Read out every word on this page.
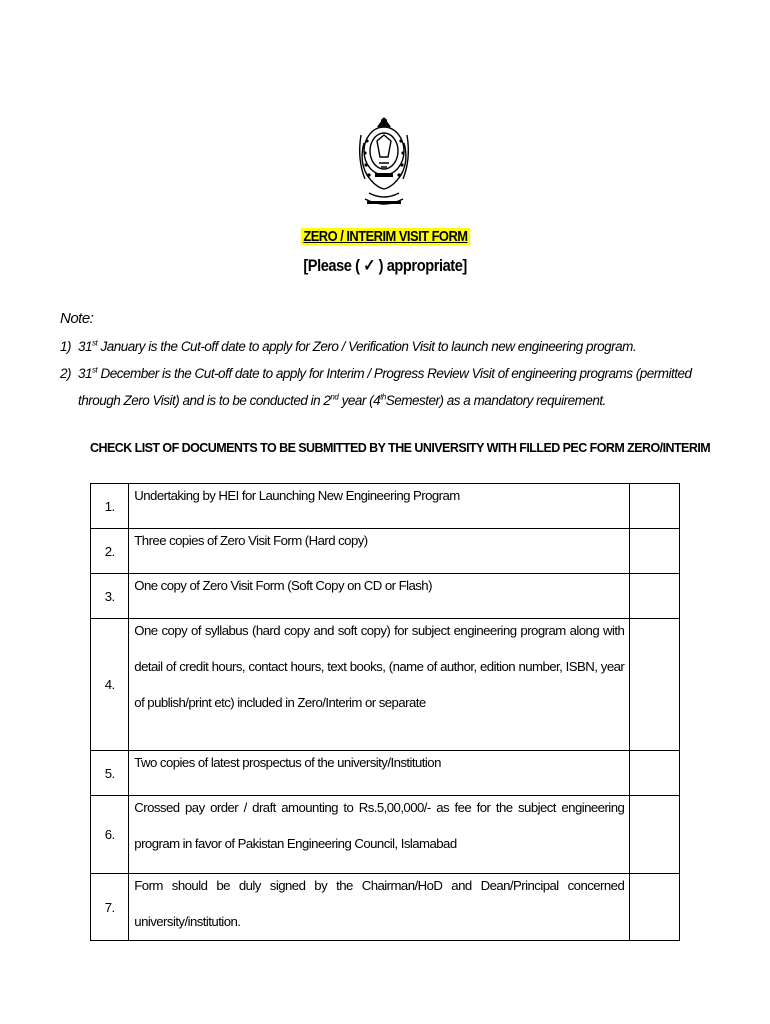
ZERO / INTERIM VISIT FORM
[Please ( ✓ ) appropriate]
Note:
1) 31st January is the Cut-off date to apply for Zero / Verification Visit to launch new engineering program.
2) 31st December is the Cut-off date to apply for Interim / Progress Review Visit of engineering programs (permitted through Zero Visit) and is to be conducted in 2nd year (4thSemester) as a mandatory requirement.
CHECK LIST OF DOCUMENTS TO BE SUBMITTED BY THE UNIVERSITY WITH FILLED PEC FORM ZERO/INTERIM
1.	Undertaking by HEI for Launching New Engineering Program	

2.	Three copies of Zero Visit Form (Hard copy)	

3.	One copy of Zero Visit Form (Soft Copy on CD or Flash)	

4.	One copy of syllabus (hard copy and soft copy) for subject engineering program along with detail of credit hours, contact hours, text books, (name of author, edition number, ISBN, year of publish/print etc) included in Zero/Interim or separate	

5.	Two copies of latest prospectus of the university/Institution	

6.	Crossed pay order / draft amounting to Rs.5,00,000/- as fee for the subject engineering program in favor of Pakistan Engineering Council, Islamabad	

7.	Form should be duly signed by the Chairman/HoD and Dean/Principal concerned university/institution.	
